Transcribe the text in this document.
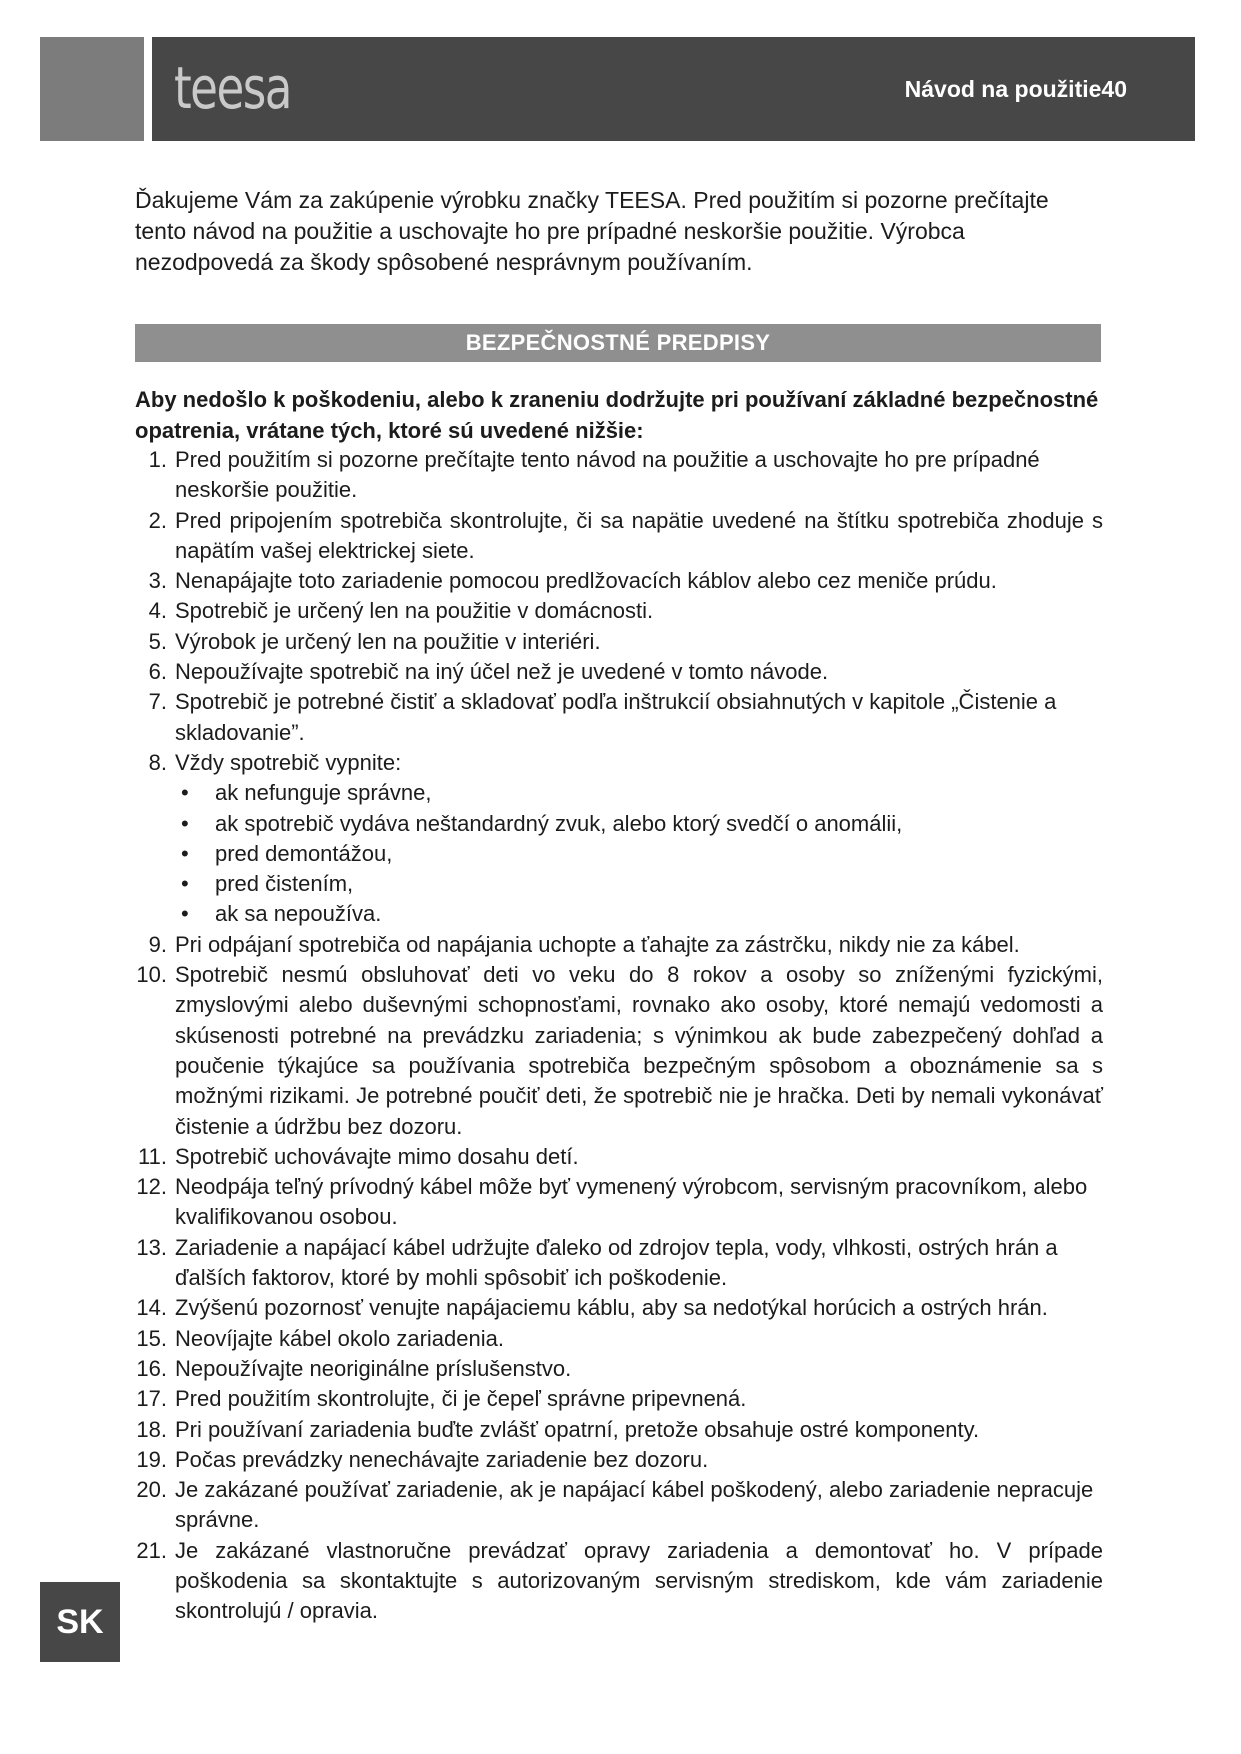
teesa	Návod na použitie40

Ďakujeme Vám za zakúpenie výrobku značky TEESA. Pred použitím si pozorne prečítajte tento návod na použitie a uschovajte ho pre prípadné neskoršie použitie. Výrobca nezodpovedá za škody spôsobené nesprávnym používaním.

BEZPEČNOSTNÉ PREDPISY

Aby nedošlo k poškodeniu, alebo k zraneniu dodržujte pri používaní základné bezpečnostné opatrenia, vrátane tých, ktoré sú uvedené nižšie:

1. Pred použitím si pozorne prečítajte tento návod na použitie a uschovajte ho pre prípadné neskoršie použitie.
2. Pred pripojením spotrebiča skontrolujte, či sa napätie uvedené na štítku spotrebiča zhoduje s napätím vašej elektrickej siete.
3. Nenapájajte toto zariadenie pomocou predlžovacích káblov alebo cez meniče prúdu.
4. Spotrebič je určený len na použitie v domácnosti.
5. Výrobok je určený len na použitie v interiéri.
6. Nepoužívajte spotrebič na iný účel než je uvedené v tomto návode.
7. Spotrebič je potrebné čistiť a skladovať podľa inštrukcií obsiahnutých v kapitole „Čistenie a skladovanie”.
8. Vždy spotrebič vypnite:
• ak nefunguje správne,
• ak spotrebič vydáva neštandardný zvuk, alebo ktorý svedčí o anomálii,
• pred demontážou,
• pred čistením,
• ak sa nepoužíva.
9. Pri odpájaní spotrebiča od napájania uchopte a ťahajte za zástrčku, nikdy nie za kábel.
10. Spotrebič nesmú obsluhovať deti vo veku do 8 rokov a osoby so zníženými fyzickými, zmyslovými alebo duševnými schopnosťami, rovnako ako osoby, ktoré nemajú vedomosti a skúsenosti potrebné na prevádzku zariadenia; s výnimkou ak bude zabezpečený dohľad a poučenie týkajúce sa používania spotrebiča bezpečným spôsobom a oboznámenie sa s možnými rizikami. Je potrebné poučiť deti, že spotrebič nie je hračka. Deti by nemali vykonávať čistenie a údržbu bez dozoru.
11. Spotrebič uchovávajte mimo dosahu detí.
12. Neodpája teľný prívodný kábel môže byť vymenený výrobcom, servisným pracovníkom, alebo kvalifikovanou osobou.
13. Zariadenie a napájací kábel udržujte ďaleko od zdrojov tepla, vody, vlhkosti, ostrých hrán a ďalších faktorov, ktoré by mohli spôsobiť ich poškodenie.
14. Zvýšenú pozornosť venujte napájaciemu káblu, aby sa nedotýkal horúcich a ostrých hrán.
15. Neovíjajte kábel okolo zariadenia.
16. Nepoužívajte neoriginálne príslušenstvo.
17. Pred použitím skontrolujte, či je čepeľ správne pripevnená.
18. Pri používaní zariadenia buďte zvlášť opatrní, pretože obsahuje ostré komponenty.
19. Počas prevádzky nenechávajte zariadenie bez dozoru.
20. Je zakázané používať zariadenie, ak je napájací kábel poškodený, alebo zariadenie nepracuje správne.
21. Je zakázané vlastnoručne prevádzať opravy zariadenia a demontovať ho. V prípade poškodenia sa skontaktujte s autorizovaným servisným strediskom, kde vám zariadenie skontrolujú / opravia.
SK
